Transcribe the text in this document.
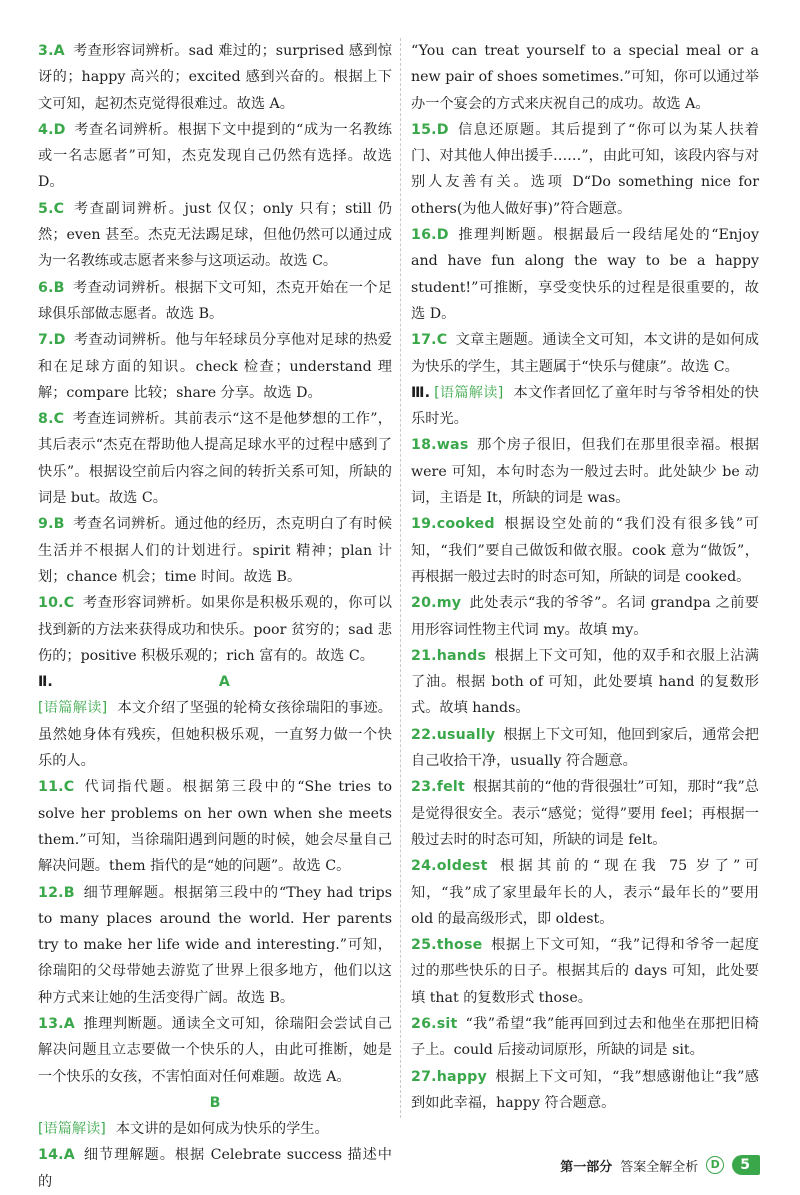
3.A 考查形容词辨析。sad 难过的；surprised 感到惊讶的；happy 高兴的；excited 感到兴奋的。根据上下文可知，起初杰克觉得很难过。故选 A。
4.D 考查名词辨析。根据下文中提到的“成为一名教练或一名志愿者”可知，杰克发现自己仍然有选择。故选 D。
5.C 考查副词辨析。just 仅仅；only 只有；still 仍然；even 甚至。杰克无法踢足球，但他仍然可以通过成为一名教练或志愿者来参与这项运动。故选 C。
6.B 考查动词辨析。根据下文可知，杰克开始在一个足球俱乐部做志愿者。故选 B。
7.D 考查动词辨析。他与年轻球员分享他对足球的热爱和在足球方面的知识。check 检查；understand 理解；compare 比较；share 分享。故选 D。
8.C 考查连词辨析。其前表示“这不是他梦想的工作”，其后表示“杰克在帮助他人提高足球水平的过程中感到了快乐”。根据设空前后内容之间的转折关系可知，所缺的词是 but。故选 C。
9.B 考查名词辨析。通过他的经历，杰克明白了有时候生活并不根据人们的计划进行。spirit 精神；plan 计划；chance 机会；time 时间。故选 B。
10.C 考查形容词辨析。如果你是积极乐观的，你可以找到新的方法来获得成功和快乐。poor 贫穷的；sad 悲伤的；positive 积极乐观的；rich 富有的。故选 C。
Ⅱ.	A
[语篇解读] 本文介绍了坚强的轮椅女孩徐瑞阳的事迹。虽然她身体有残疾，但她积极乐观，一直努力做一个快乐的人。
11.C 代词指代题。根据第三段中的“She tries to solve her problems on her own when she meets them.”可知，当徐瑞阳遇到问题的时候，她会尽量自己解决问题。them 指代的是“她的问题”。故选 C。
12.B 细节理解题。根据第三段中的“They had trips to many places around the world. Her parents try to make her life wide and interesting.”可知，徐瑞阳的父母带她去游览了世界上很多地方，他们以这种方式来让她的生活变得广阔。故选 B。
13.A 推理判断题。通读全文可知，徐瑞阳会尝试自己解决问题且立志要做一个快乐的人，由此可推断，她是一个快乐的女孩，不害怕面对任何难题。故选 A。
B
[语篇解读] 本文讲的是如何成为快乐的学生。
14.A 细节理解题。根据 Celebrate success 描述中的
“You can treat yourself to a special meal or a new pair of shoes sometimes.”可知，你可以通过举办一个宴会的方式来庆祝自己的成功。故选 A。
15.D 信息还原题。其后提到了“你可以为某人扶着门、对其他人伸出援手……”，由此可知，该段内容与对别人友善有关。选项 D“Do something nice for others(为他人做好事)”符合题意。
16.D 推理判断题。根据最后一段结尾处的“Enjoy and have fun along the way to be a happy student!”可推断，享受变快乐的过程是很重要的，故选 D。
17.C 文章主题题。通读全文可知，本文讲的是如何成为快乐的学生，其主题属于“快乐与健康”。故选 C。
Ⅲ. [语篇解读] 本文作者回忆了童年时与爷爷相处的快乐时光。
18.was 那个房子很旧，但我们在那里很幸福。根据 were 可知，本句时态为一般过去时。此处缺少 be 动词，主语是 It，所缺的词是 was。
19.cooked 根据设空处前的“我们没有很多钱”可知，“我们”要自己做饭和做衣服。cook 意为“做饭”，再根据一般过去时的时态可知，所缺的词是 cooked。
20.my 此处表示“我的爷爷”。名词 grandpa 之前要用形容词性物主代词 my。故填 my。
21.hands 根据上下文可知，他的双手和衣服上沾满了油。根据 both of 可知，此处要填 hand 的复数形式。故填 hands。
22.usually 根据上下文可知，他回到家后，通常会把自己收拾干净，usually 符合题意。
23.felt 根据其前的“他的背很强壮”可知，那时“我”总是觉得很安全。表示“感觉；觉得”要用 feel；再根据一般过去时的时态可知，所缺的词是 felt。
24.oldest 根据其前的“现在我 75 岁了”可知，“我”成了家里最年长的人，表示“最年长的”要用 old 的最高级形式，即 oldest。
25.those 根据上下文可知，“我”记得和爷爷一起度过的那些快乐的日子。根据其后的 days 可知，此处要填 that 的复数形式 those。
26.sit “我”希望“我”能再回到过去和他坐在那把旧椅子上。could 后接动词原形，所缺的词是 sit。
27.happy 根据上下文可知，“我”想感谢他让“我”感到如此幸福，happy 符合题意。
第一部分 答案全解全析	D	5
